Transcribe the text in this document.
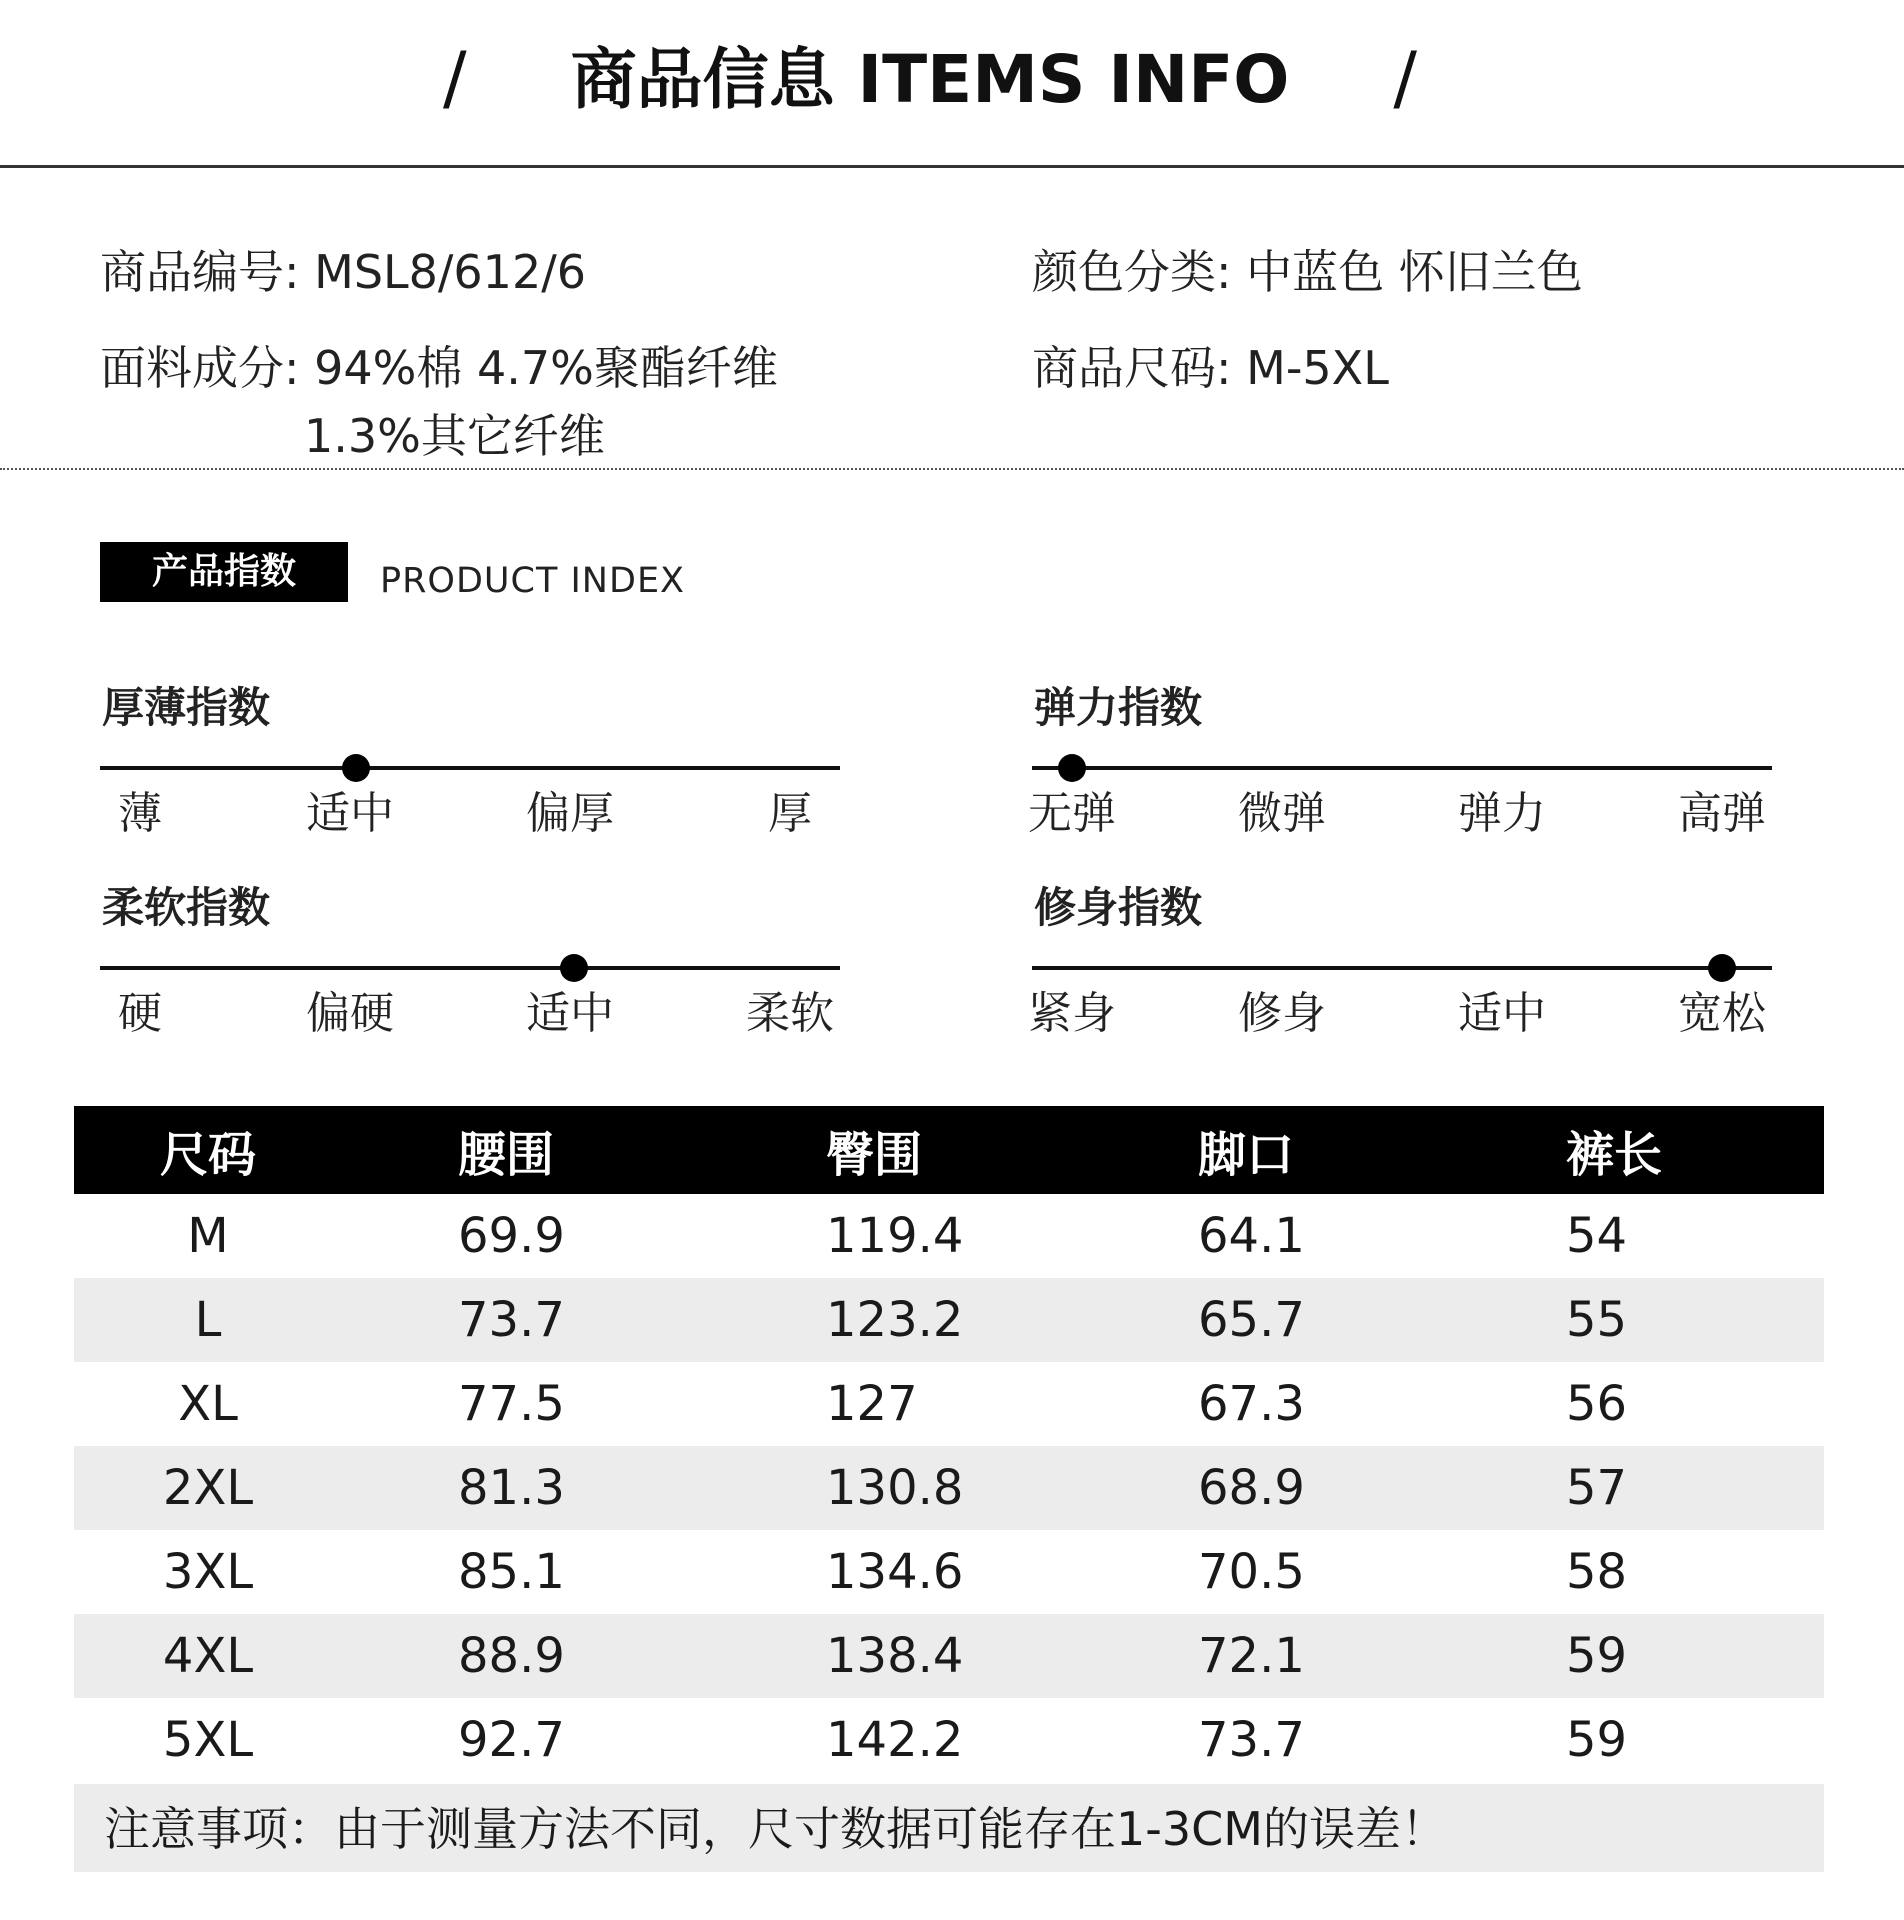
/ 商品信息 ITEMS INFO /
商品编号: MSL8/612/6	颜色分类: 中蓝色 怀旧兰色
面料成分: 94%棉 4.7%聚酯纤维
1.3%其它纤维
商品尺码: M-5XL
产品指数	PRODUCT INDEX
厚薄指数
薄	适中	偏厚	厚
弹力指数
无弹	微弹	弹力	高弹
柔软指数
硬	偏硬	适中	柔软
修身指数
紧身	修身	适中	宽松
尺码	腰围	臀围	脚口	裤长
M	69.9	119.4	64.1	54
L	73.7	123.2	65.7	55
XL	77.5	127	67.3	56
2XL	81.3	130.8	68.9	57
3XL	85.1	134.6	70.5	58
4XL	88.9	138.4	72.1	59
5XL	92.7	142.2	73.7	59
注意事项：由于测量方法不同，尺寸数据可能存在1-3CM的误差！
